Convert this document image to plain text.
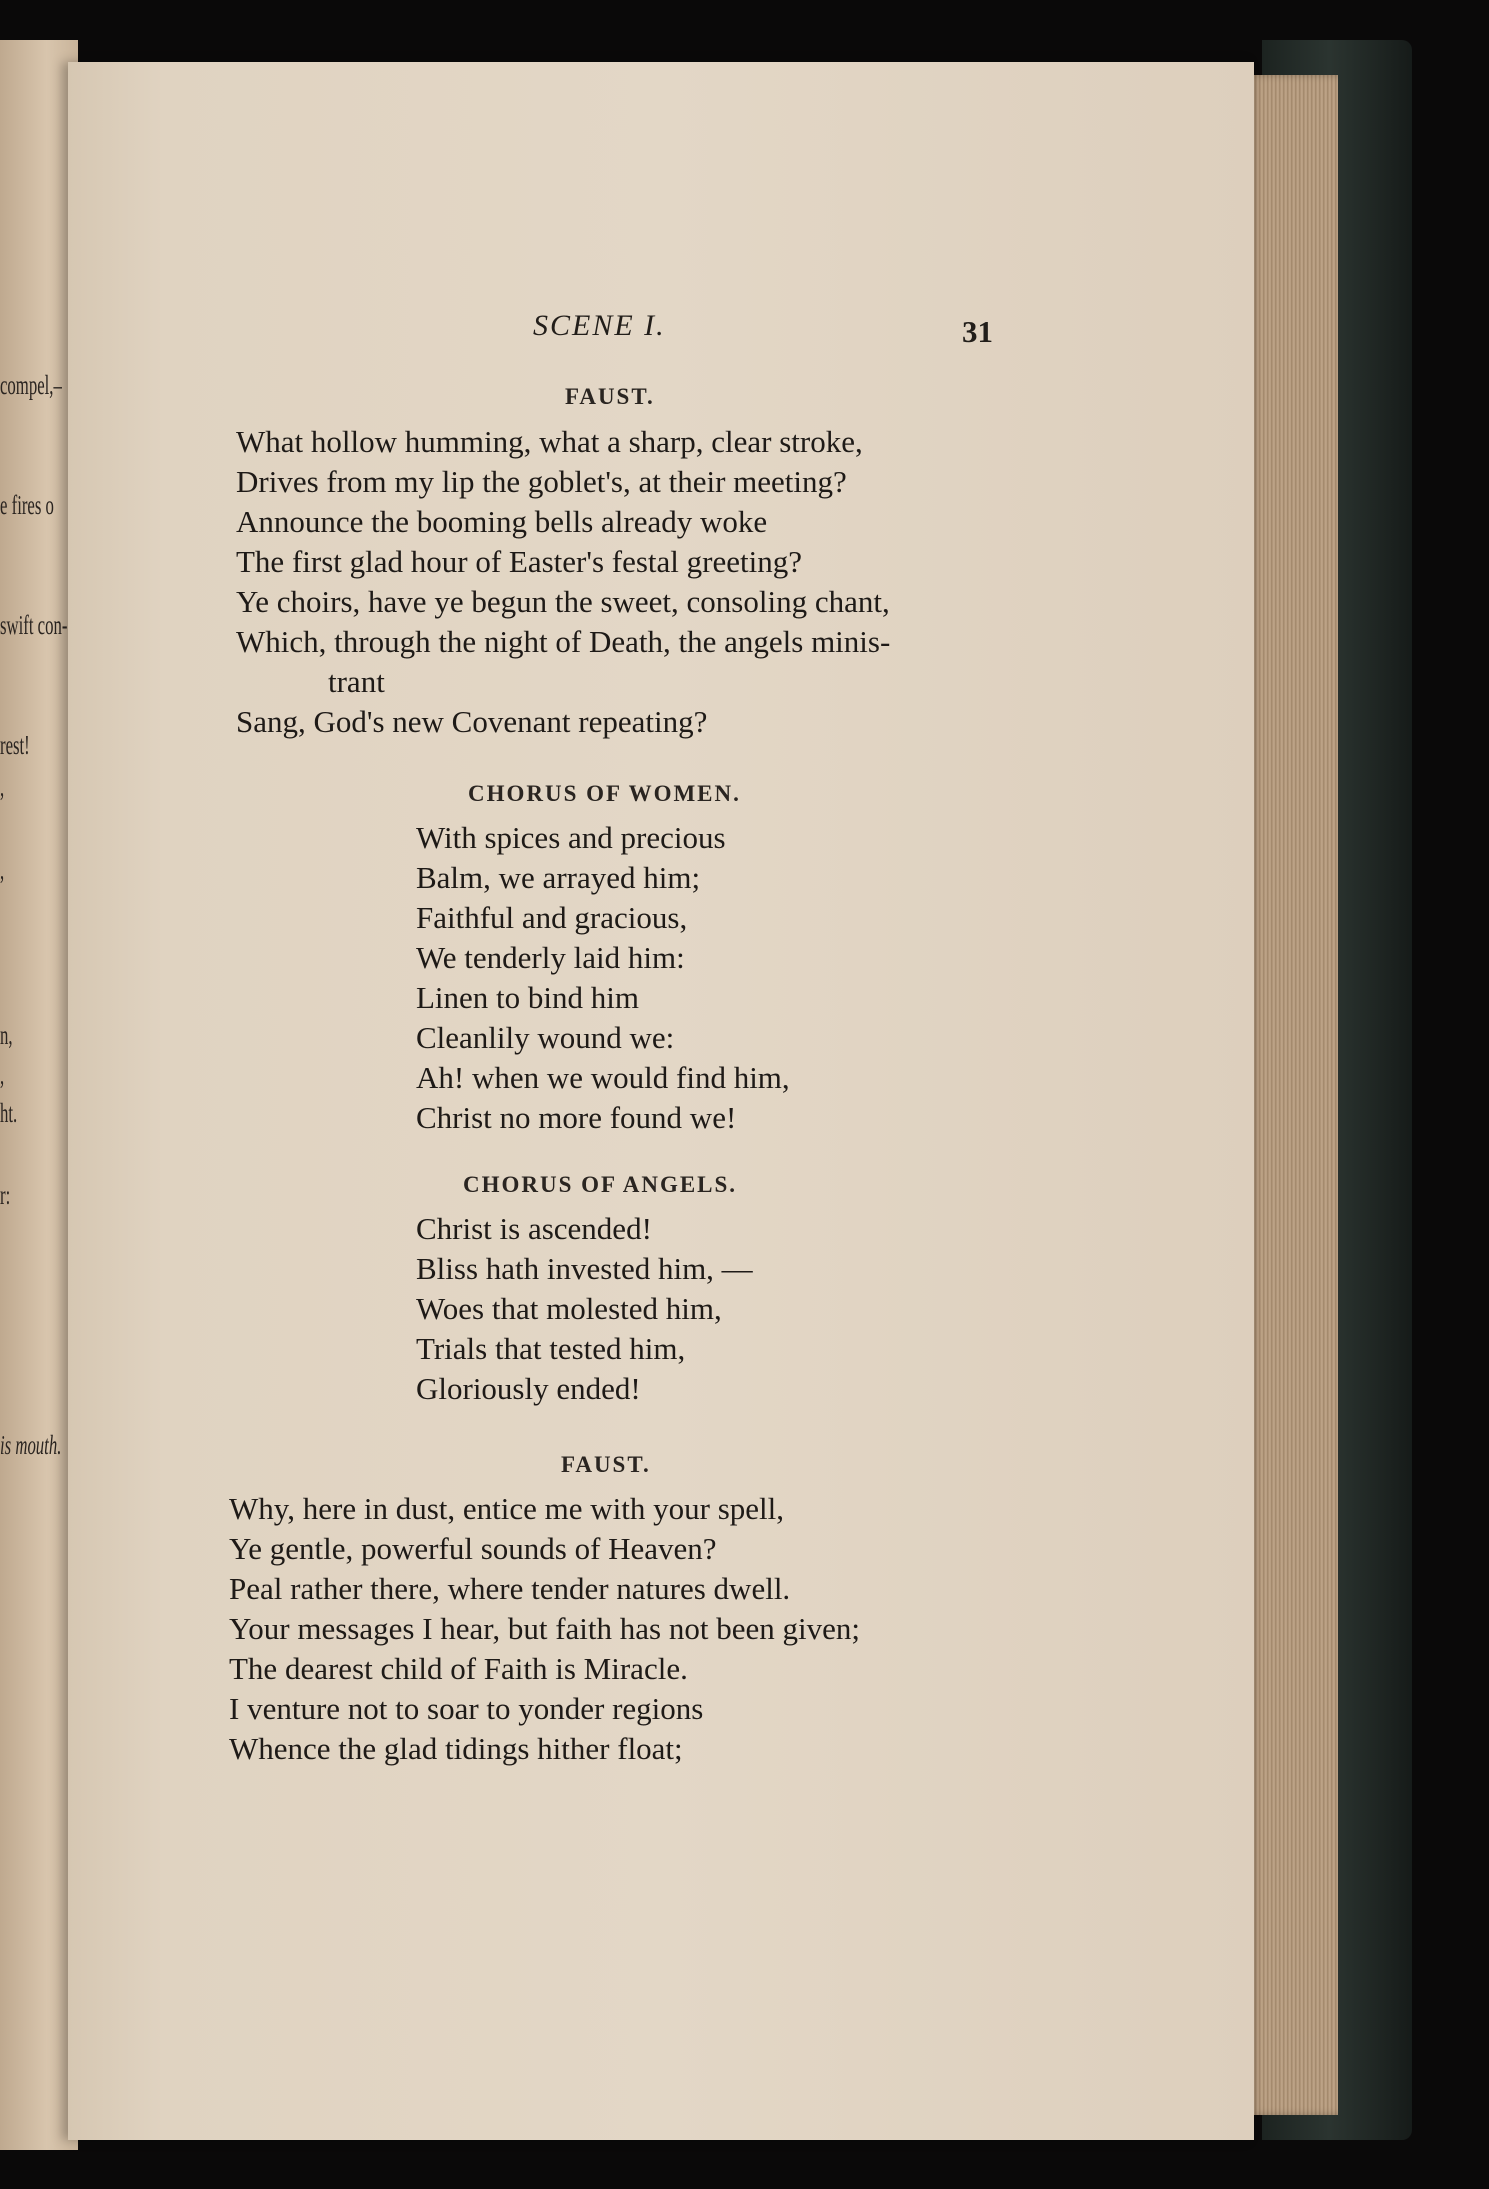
compel,–
e fires o
swift con-
rest!
,
,
n,
,
ht.
r:
is mouth.
SCENE I.	31
FAUST.
What hollow humming, what a sharp, clear stroke,
Drives from my lip the goblet's, at their meeting?
Announce the booming bells already woke
The first glad hour of Easter's festal greeting?
Ye choirs, have ye begun the sweet, consoling chant,
Which, through the night of Death, the angels minis-
trant
Sang, God's new Covenant repeating?
CHORUS OF WOMEN.
With spices and precious
Balm, we arrayed him;
Faithful and gracious,
We tenderly laid him:
Linen to bind him
Cleanlily wound we:
Ah! when we would find him,
Christ no more found we!
CHORUS OF ANGELS.
Christ is ascended!
Bliss hath invested him, —
Woes that molested him,
Trials that tested him,
Gloriously ended!
FAUST.
Why, here in dust, entice me with your spell,
Ye gentle, powerful sounds of Heaven?
Peal rather there, where tender natures dwell.
Your messages I hear, but faith has not been given;
The dearest child of Faith is Miracle.
I venture not to soar to yonder regions
Whence the glad tidings hither float;
